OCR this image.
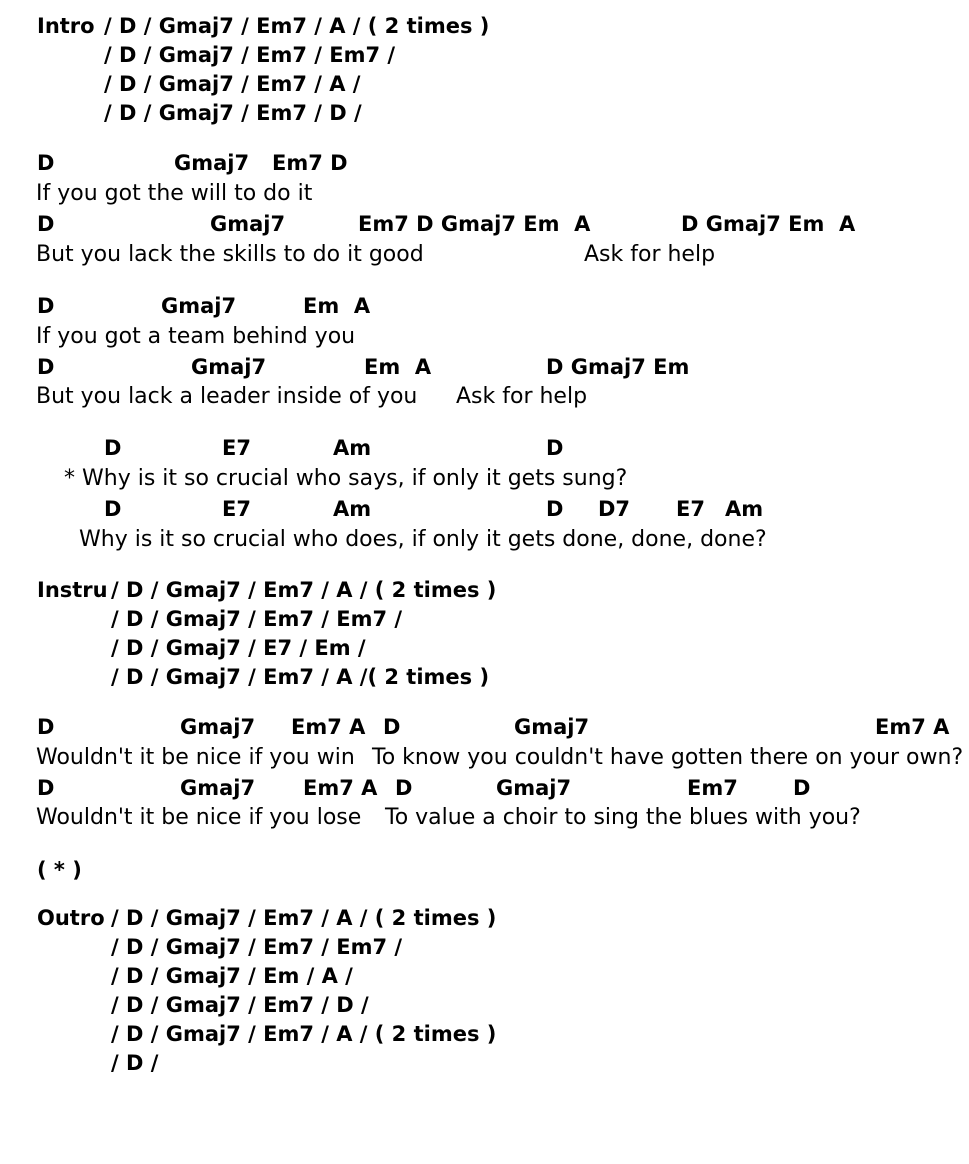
Intro / D / Gmaj7 / Em7 / A / ( 2 times )
/ D / Gmaj7 / Em7 / Em7 /
/ D / Gmaj7 / Em7 / A /
/ D / Gmaj7 / Em7 / D /
D	Gmaj7 Em7 D
If you got the will to do it
D	Gmaj7	Em7 D Gmaj7 Em  A	D Gmaj7 Em  A
But you lack the skills to do it good	Ask for help
D	Gmaj7	Em  A
If you got a team behind you
D	Gmaj7	Em  A	D Gmaj7 Em
But you lack a leader inside of you Ask for help
D	E7	Am	D
* Why is it so crucial who says, if only it gets sung?
D	E7	Am	D D7 E7 Am
Why is it so crucial who does, if only it gets done, done, done?
Instru / D / Gmaj7 / Em7 / A / ( 2 times )
/ D / Gmaj7 / Em7 / Em7 /
/ D / Gmaj7 / E7 / Em /
/ D / Gmaj7 / Em7 / A /( 2 times )
D	Gmaj7 Em7 A D	Gmaj7	Em7 A
Wouldn't it be nice if you win To know you couldn't have gotten there on your own?
D	Gmaj7 Em7 A D	Gmaj7	Em7	D
Wouldn't it be nice if you lose To value a choir to sing the blues with you?
( * )
Outro / D / Gmaj7 / Em7 / A / ( 2 times )
/ D / Gmaj7 / Em7 / Em7 /
/ D / Gmaj7 / Em / A /
/ D / Gmaj7 / Em7 / D /
/ D / Gmaj7 / Em7 / A / ( 2 times )
/ D /
